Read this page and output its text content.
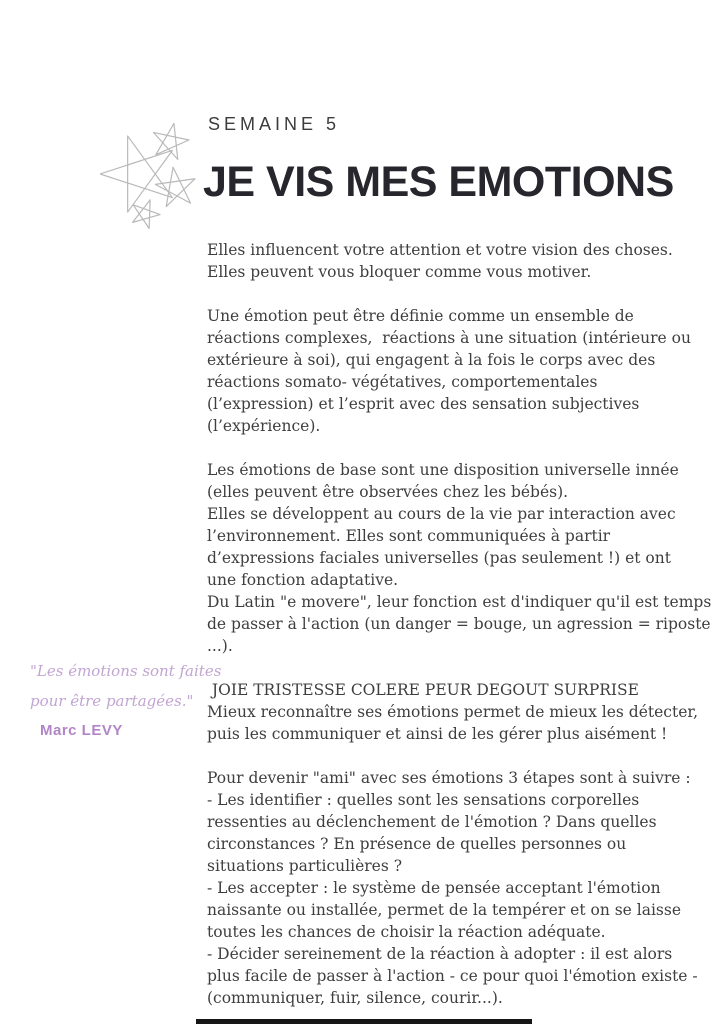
SEMAINE 5
JE VIS MES EMOTIONS
Elles influencent votre attention et votre vision des choses.
Elles peuvent vous bloquer comme vous motiver.
Une émotion peut être définie comme un ensemble de
réactions complexes,  réactions à une situation (intérieure ou
extérieure à soi), qui engagent à la fois le corps avec des
réactions somato- végétatives, comportementales
(l’expression) et l’esprit avec des sensation subjectives
(l’expérience).
Les émotions de base sont une disposition universelle innée
(elles peuvent être observées chez les bébés).
Elles se développent au cours de la vie par interaction avec
l’environnement. Elles sont communiquées à partir
d’expressions faciales universelles (pas seulement !) et ont
une fonction adaptative.
Du Latin "e movere", leur fonction est d'indiquer qu'il est temps
de passer à l'action (un danger = bouge, un agression = riposte
...).
JOIE TRISTESSE COLERE PEUR DEGOUT SURPRISE
Mieux reconnaître ses émotions permet de mieux les détecter,
puis les communiquer et ainsi de les gérer plus aisément !
Pour devenir "ami" avec ses émotions 3 étapes sont à suivre :
- Les identifier : quelles sont les sensations corporelles
ressenties au déclenchement de l'émotion ? Dans quelles
circonstances ? En présence de quelles personnes ou
situations particulières ?
- Les accepter : le système de pensée acceptant l'émotion
naissante ou installée, permet de la tempérer et on se laisse
toutes les chances de choisir la réaction adéquate.
- Décider sereinement de la réaction à adopter : il est alors
plus facile de passer à l'action - ce pour quoi l'émotion existe -
(communiquer, fuir, silence, courir...).
"Les émotions sont faites
pour être partagées."
Marc LEVY
